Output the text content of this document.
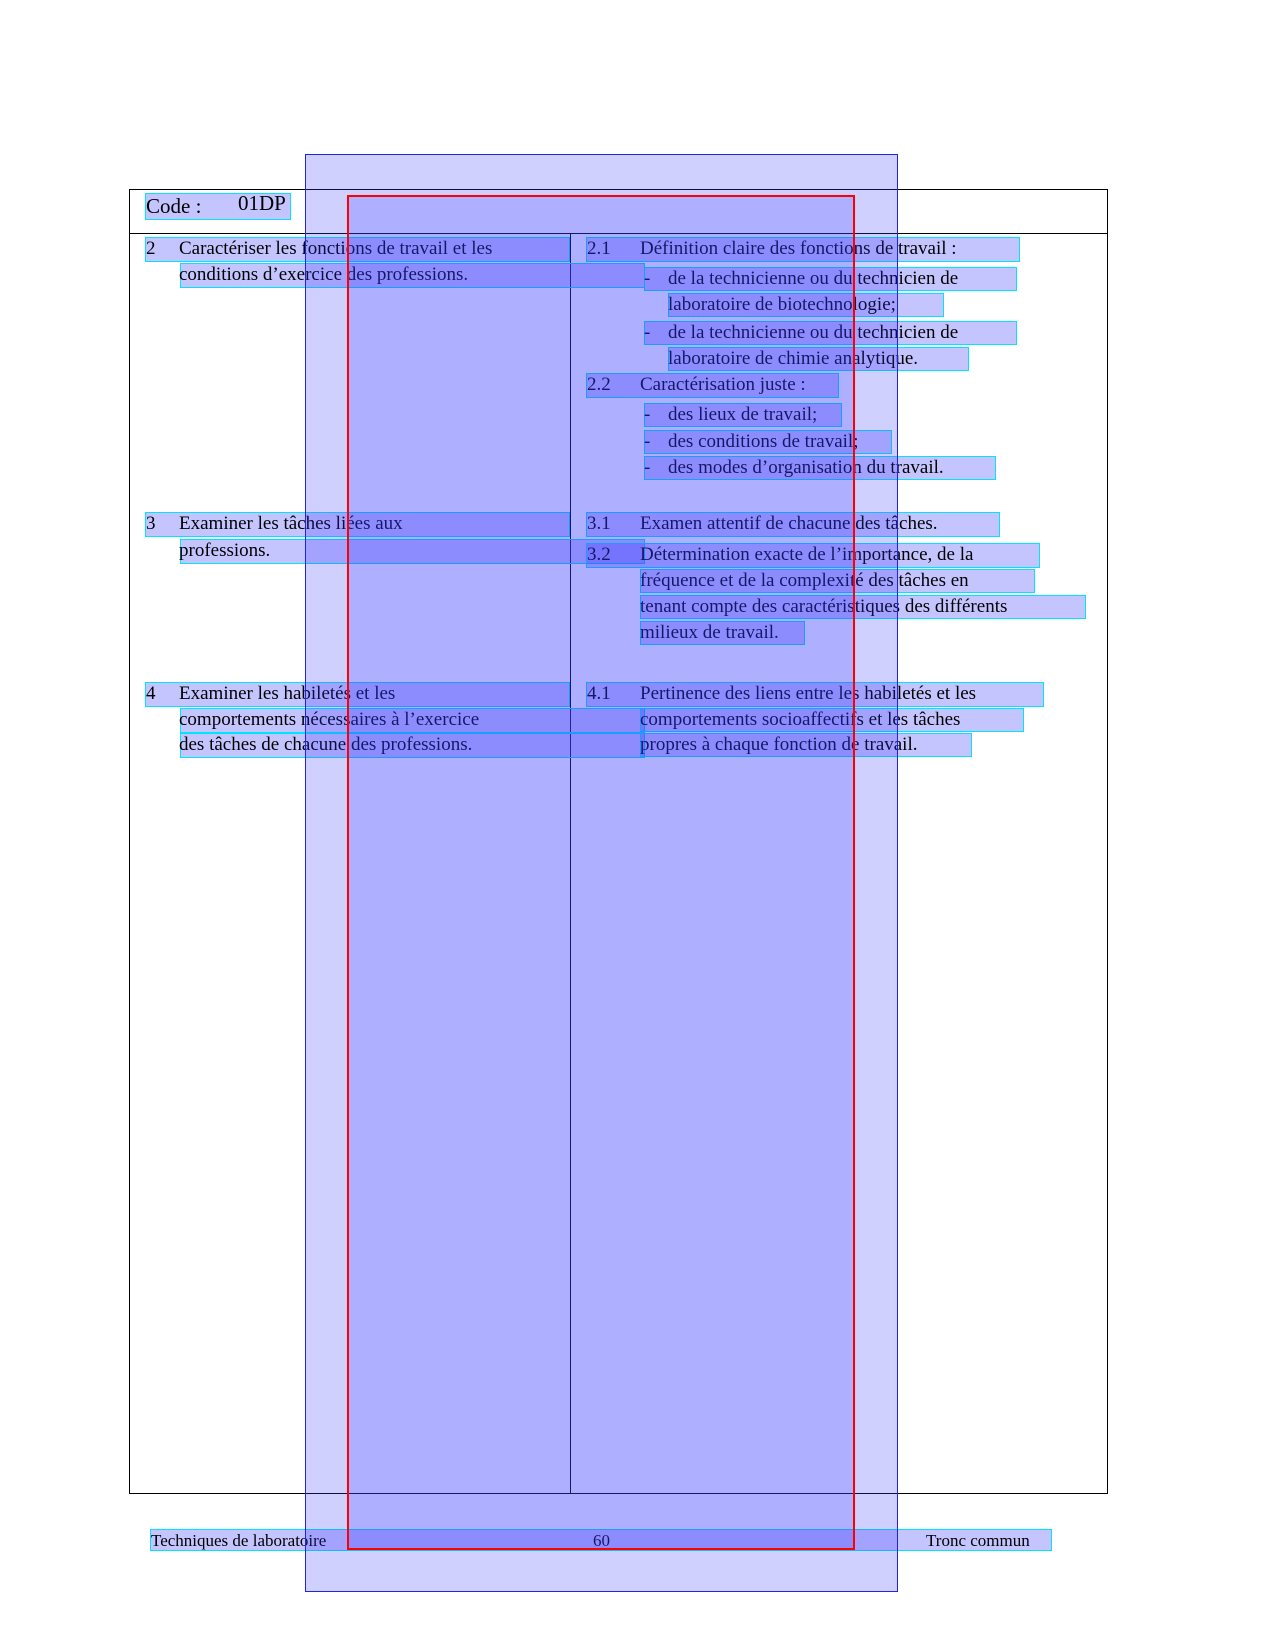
Code : 01DP
2 Caractériser les fonctions de travail et les
conditions d’exercice des professions.
2.1 Définition claire des fonctions de travail :
- de la technicienne ou du technicien de
laboratoire de biotechnologie;
- de la technicienne ou du technicien de
laboratoire de chimie analytique.
2.2 Caractérisation juste :
- des lieux de travail;
- des conditions de travail;
- des modes d’organisation du travail.
3 Examiner les tâches liées aux
professions.
3.1 Examen attentif de chacune des tâches.
3.2 Détermination exacte de l’importance, de la
fréquence et de la complexité des tâches en
tenant compte des caractéristiques des différents
milieux de travail.
4 Examiner les habiletés et les
comportements nécessaires à l’exercice
des tâches de chacune des professions.
4.1 Pertinence des liens entre les habiletés et les
comportements socioaffectifs et les tâches
propres à chaque fonction de travail.
Techniques de laboratoire	60	Tronc commun
